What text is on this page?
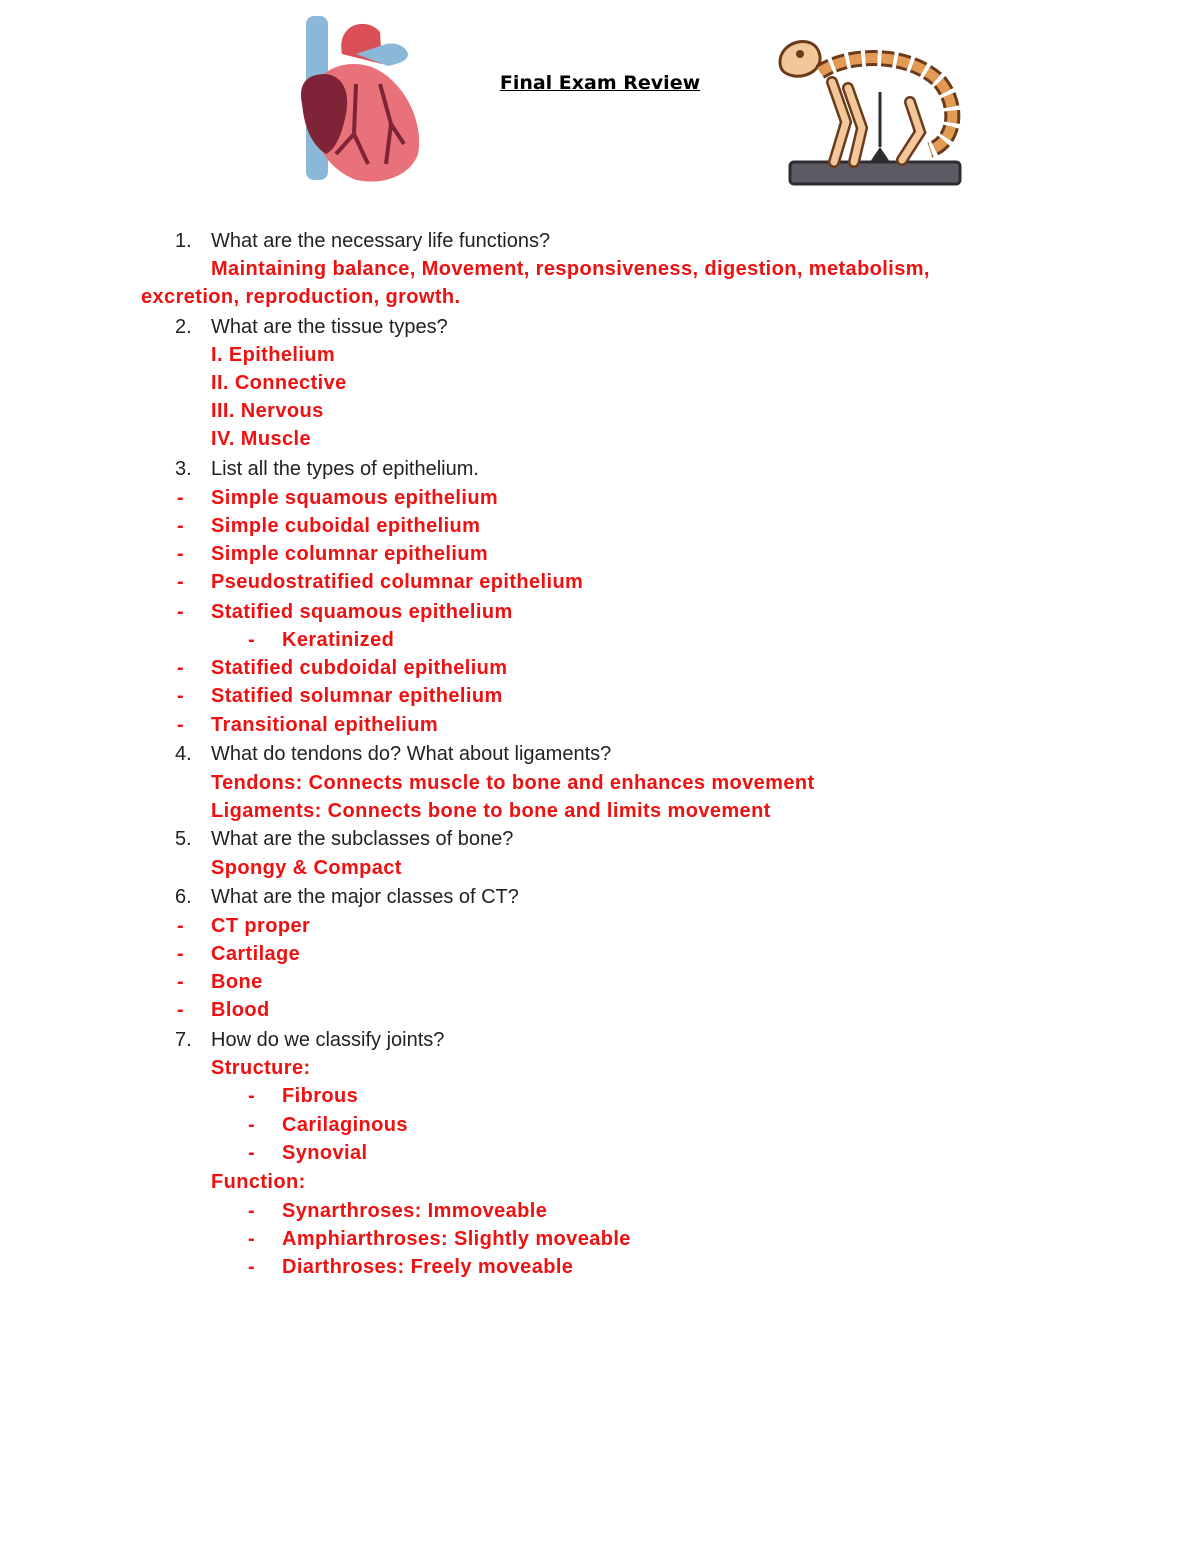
Final Exam Review
1. What are the necessary life functions?
Maintaining balance, Movement, responsiveness, digestion, metabolism,
excretion, reproduction, growth.
2. What are the tissue types?
I. Epithelium
II. Connective
III. Nervous
IV. Muscle
3. List all the types of epithelium.
- Simple squamous epithelium
- Simple cuboidal epithelium
- Simple columnar epithelium
- Pseudostratified columnar epithelium
- Statified squamous epithelium
- Keratinized
- Statified cubdoidal epithelium
- Statified solumnar epithelium
- Transitional epithelium
4. What do tendons do? What about ligaments?
Tendons: Connects muscle to bone and enhances movement
Ligaments: Connects bone to bone and limits movement
5. What are the subclasses of bone?
Spongy & Compact
6. What are the major classes of CT?
- CT proper
- Cartilage
- Bone
- Blood
7. How do we classify joints?
Structure:
- Fibrous
- Carilaginous
- Synovial
Function:
- Synarthroses: Immoveable
- Amphiarthroses: Slightly moveable
- Diarthroses: Freely moveable
